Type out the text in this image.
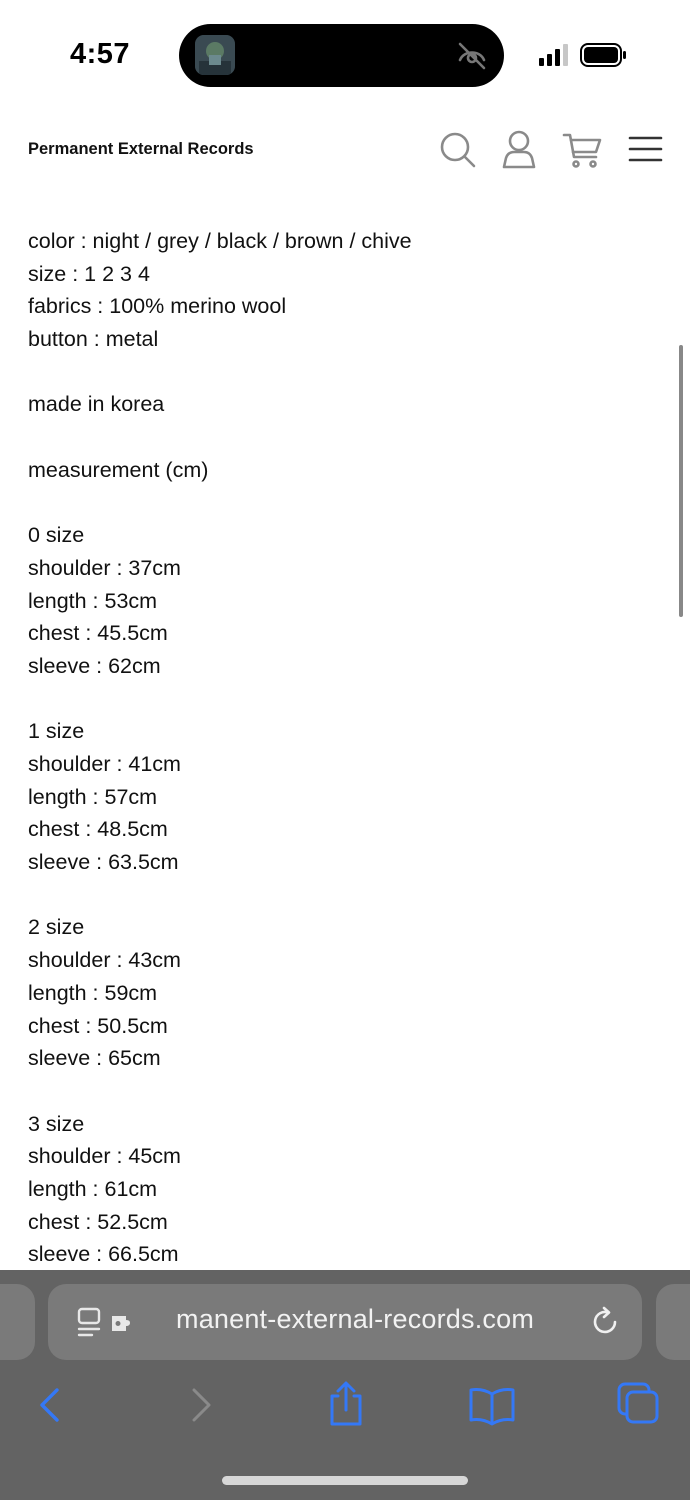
4:57
Permanent External Records
color : night / grey / black / brown / chive
size : 1 2 3 4
fabrics : 100% merino wool
button : metal
made in korea
measurement (cm)
0 size
shoulder : 37cm
length : 53cm
chest : 45.5cm
sleeve : 62cm
1 size
shoulder : 41cm
length : 57cm
chest : 48.5cm
sleeve : 63.5cm
2 size
shoulder : 43cm
length : 59cm
chest : 50.5cm
sleeve : 65cm
3 size
shoulder : 45cm
length : 61cm
chest : 52.5cm
sleeve : 66.5cm
manent-external-records.com
